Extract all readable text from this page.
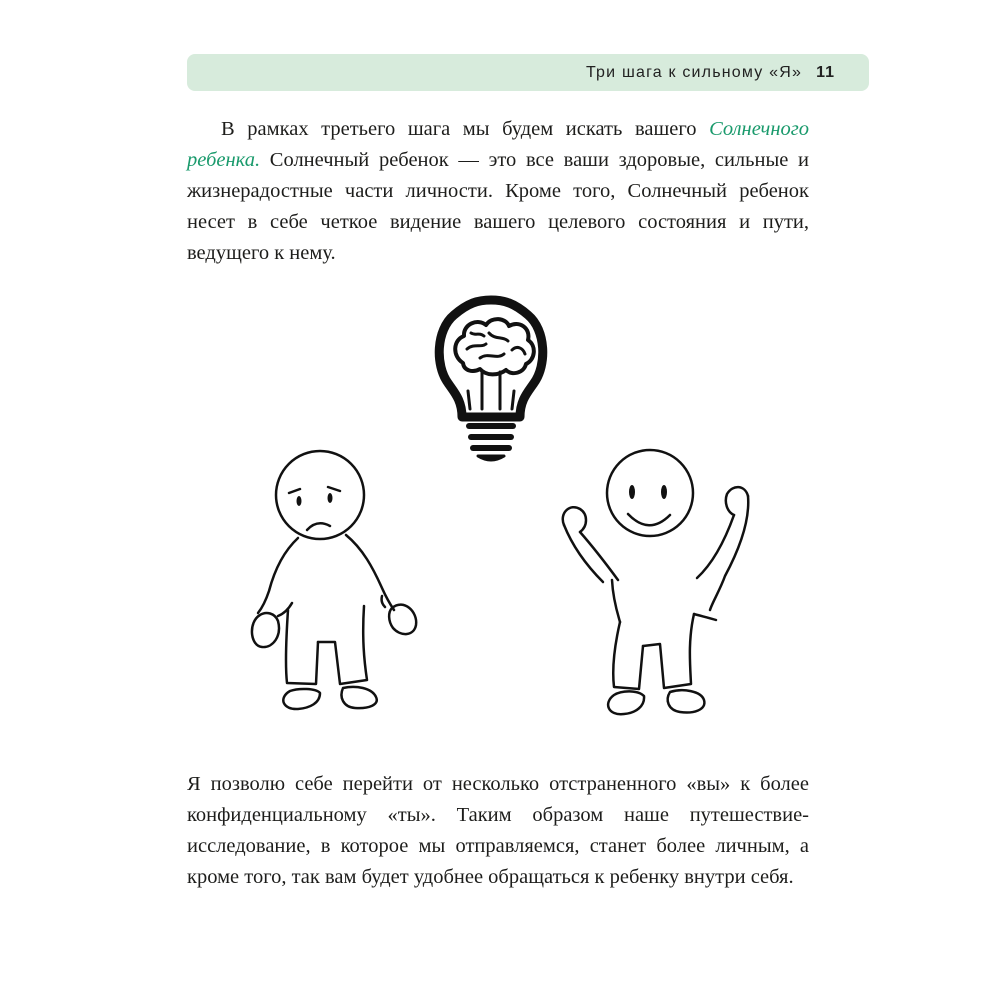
Три шага к сильному «Я» 11

В рамках третьего шага мы будем искать вашего Солнечного ребенка. Солнечный ребенок — это все ваши здоровые, сильные и жизнерадостные части личности. Кроме того, Солнечный ребенок несет в себе четкое видение вашего целевого состояния и пути, ведущего к нему.

Я позволю себе перейти от несколько отстраненного «вы» к более конфиденциальному «ты». Таким образом наше путешествие-исследование, в которое мы отправляемся, станет более личным, а кроме того, так вам будет удобнее обращаться к ребенку внутри себя.
